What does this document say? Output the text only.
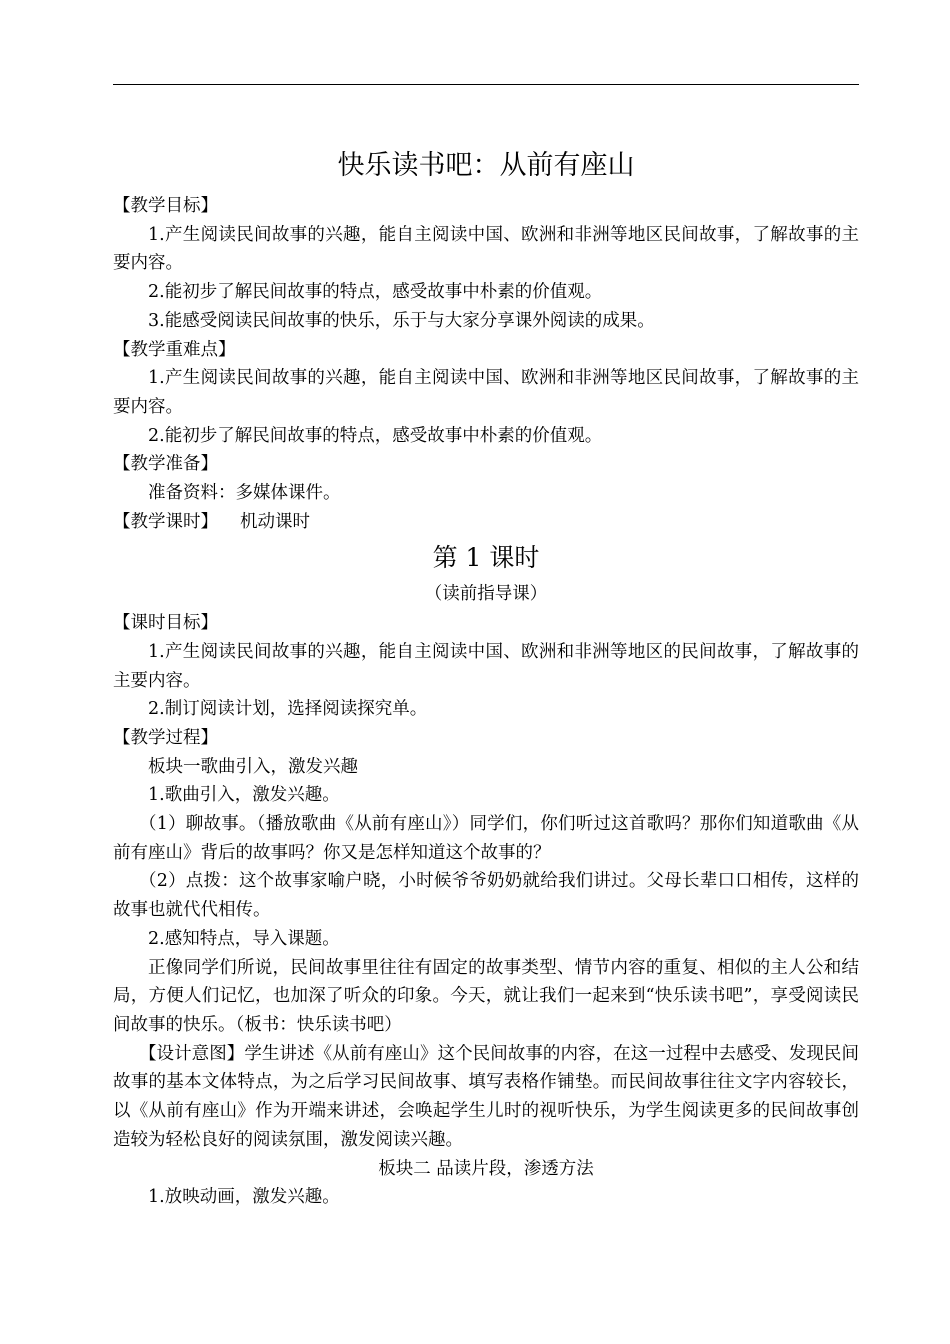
快乐读书吧：从前有座山

【教学目标】

1.产生阅读民间故事的兴趣，能自主阅读中国、欧洲和非洲等地区民间故事，了解故事的主要内容。

2.能初步了解民间故事的特点，感受故事中朴素的价值观。

3.能感受阅读民间故事的快乐，乐于与大家分享课外阅读的成果。

【教学重难点】

1.产生阅读民间故事的兴趣，能自主阅读中国、欧洲和非洲等地区民间故事，了解故事的主要内容。

2.能初步了解民间故事的特点，感受故事中朴素的价值观。

【教学准备】

准备资料：多媒体课件。

【教学课时】 机动课时

第 1 课时

（读前指导课）

【课时目标】

1.产生阅读民间故事的兴趣，能自主阅读中国、欧洲和非洲等地区的民间故事，了解故事的主要内容。

2.制订阅读计划，选择阅读探究单。

【教学过程】

板块一歌曲引入，激发兴趣

1.歌曲引入，激发兴趣。

（1）聊故事。（播放歌曲《从前有座山》）同学们，你们听过这首歌吗？那你们知道歌曲《从前有座山》背后的故事吗？你又是怎样知道这个故事的？

（2）点拨：这个故事家喻户晓，小时候爷爷奶奶就给我们讲过。父母长辈口口相传，这样的故事也就代代相传。

2.感知特点，导入课题。

正像同学们所说，民间故事里往往有固定的故事类型、情节内容的重复、相似的主人公和结局，方便人们记忆，也加深了听众的印象。今天，就让我们一起来到“快乐读书吧”，享受阅读民间故事的快乐。（板书：快乐读书吧）

【设计意图】学生讲述《从前有座山》这个民间故事的内容，在这一过程中去感受、发现民间故事的基本文体特点，为之后学习民间故事、填写表格作铺垫。而民间故事往往文字内容较长，以《从前有座山》作为开端来讲述，会唤起学生儿时的视听快乐，为学生阅读更多的民间故事创造较为轻松良好的阅读氛围，激发阅读兴趣。

板块二 品读片段，渗透方法

1.放映动画，激发兴趣。
